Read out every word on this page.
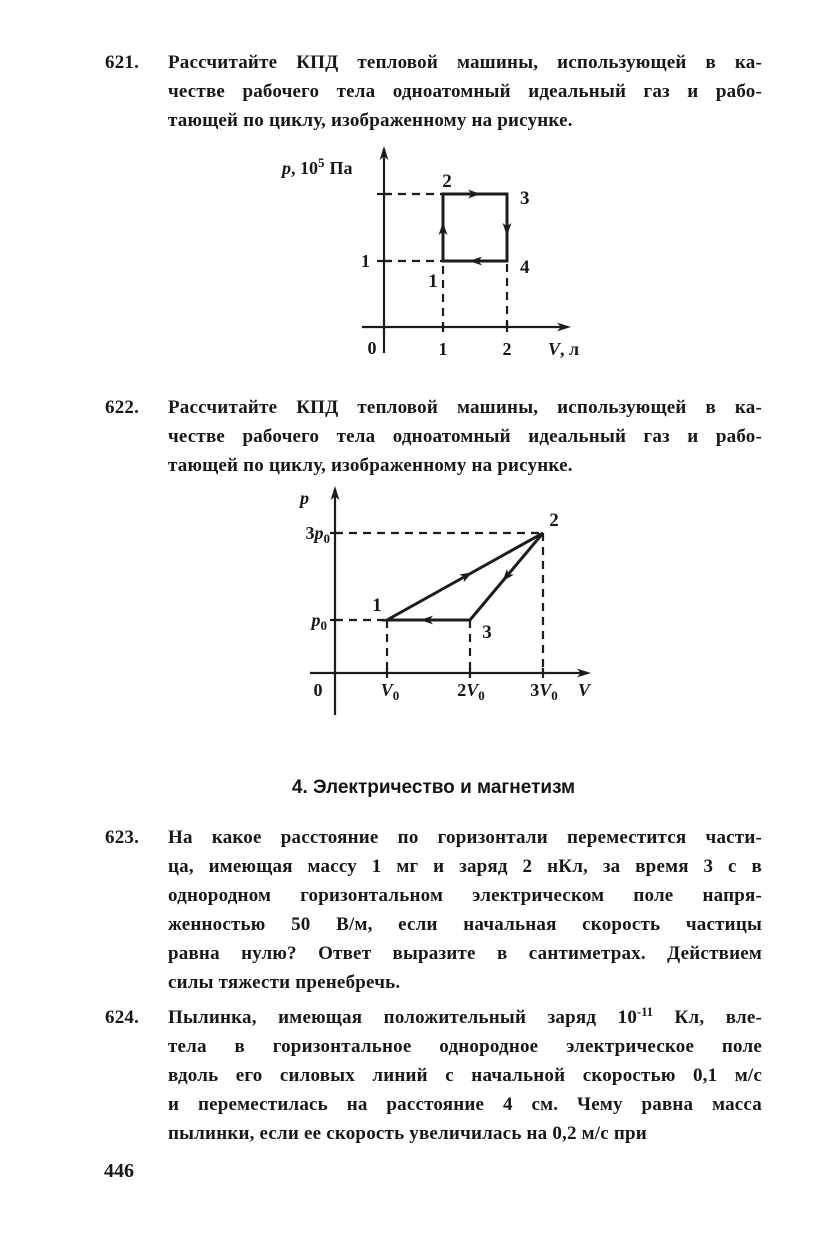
621. Рассчитайте КПД тепловой машины, использующей в ка-
честве рабочего тела одноатомный идеальный газ и рабо-
тающей по циклу, изображенному на рисунке.
p, $10^5$ Па
V, л
0	1	2
1
2
3
1
4
622. Рассчитайте КПД тепловой машины, использующей в ка-
честве рабочего тела одноатомный идеальный газ и рабо-
тающей по циклу, изображенному на рисунке.
p
V
$3p_0$
$p_0$
0	$V_0$	$2V_0$	$3V_0$
1
2
3
4. Электричество и магнетизм
623. На какое расстояние по горизонтали переместится части-
ца, имеющая массу 1 мг и заряд 2 нКл, за время 3 с в
однородном горизонтальном электрическом поле напря-
женностью 50 В/м, если начальная скорость частицы
равна нулю? Ответ выразите в сантиметрах. Действием
силы тяжести пренебречь.
624. Пылинка, имеющая положительный заряд $10^{-11}$ Кл, вле-
тела в горизонтальное однородное электрическое поле
вдоль его силовых линий с начальной скоростью 0,1 м/с
и переместилась на расстояние 4 см. Чему равна масса
пылинки, если ее скорость увеличилась на 0,2 м/с при
446
